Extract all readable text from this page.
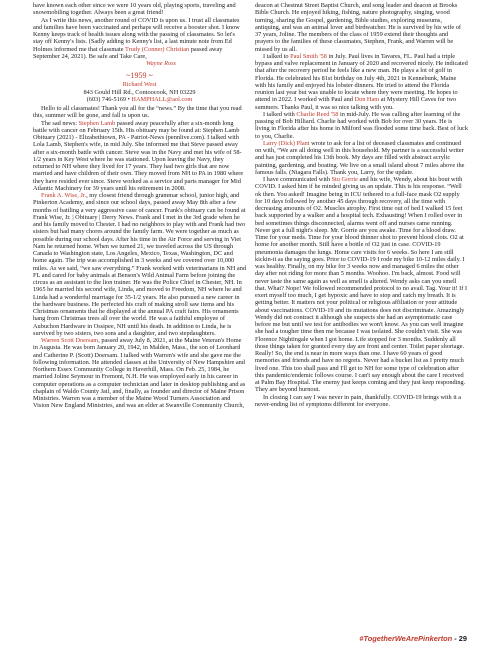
have known each other since we were 10 years old, playing sports, traveling and snowmobiling together. Always been a great friend!

As I write this news, another round of COVID is upon us. I trust all classmates and families have been vaccinated and perhaps will receive a booster shot. I know Kenny keeps track of health issues along with the passing of classmates. So let's stay off Kenny's lists. (Sadly adding to Kenny's list, a last minute note from Ed Holmes informed me that classmate Trudy (Conner) Christian passed away September 24, 2021). Be safe and Take Care,

Wayne Ross

~1959 ~
Richard West
843 Gould Hill Rd., Contoocook, NH 03229
(603) 746-5169 • HAMPHALL@aol.com

Hello to all classmates! Thank you all for the “news.” By the time that you read this, summer will be gone, and fall is upon us.

The sad news: Stephen Lamb passed away peacefully after a six-month long battle with cancer on February 15th. His obituary may be found at: Stephen Lamb Obituary (2021) - Elizabethtown, PA - Patriot-News (pennlive.com). I talked with Lola Lamb, Stephen's wife, in mid July. She informed me that Steve passed away after a six-month battle with cancer. Steve was in the Navy and met his wife of 58-1/2 years in Key West where he was stationed. Upon leaving the Navy, they returned to NH where they lived for 17 years. They had two girls that are now married and have children of their own. They moved from NH to PA in 1980 where they have resided ever since. Steve worked as a service and parts manager for Mid Atlantic Machinery for 39 years until his retirement in 2008.

Frank A. Wise, Jr., my closest friend through grammar school, junior high, and Pinkerton Academy, and since our school days, passed away May 8th after a few months of battling a very aggressive case of cancer. Frank's obituary can be found at Frank Wise, Jr. | Obituary | Derry News. Frank and I met in the 3rd grade when he and his family moved to Chester. I had no neighbors to play with and Frank had two sisters but had many chores around the family farm. We were together as much as possible during our school days. After his time in the Air Force and serving in Viet Nam he returned home. When we turned 21, we traveled across the US through Canada to Washington state, Los Angeles, Mexico, Texas, Washington, DC and home again. The trip was accomplished in 3 weeks and we covered over 10,000 miles. As we said, “we saw everything.” Frank worked with veterinarians in NH and FL and cared for baby animals at Benson's Wild Animal Farm before joining the circus as an assistant to the lion trainer. He was the Police Chief in Chester, NH. In 1965 he married his second wife, Linda, and moved to Freedom, NH where he and Linda had a wonderful marriage for 35-1/2 years. He also pursued a new career in the hardware business. He perfected his craft of making stroll saw items and his Christmas ornaments that he displayed at the annual PA craft fairs. His ornaments hang from Christmas trees all over the world. He was a faithful employee of Aubuchon Hardware in Ossipee, NH until his death. In addition to Linda, he is survived by two sisters, two sons and a daughter, and two stepdaughters.

Warren Scott Doersam, passed away July 8, 2021, at the Maine Veteran's Home in Augusta. He was born January 20, 1942, in Malden, Mass., the son of Leonhard and Catherine P. (Scott) Doersam. I talked with Warren's wife and she gave me the following information. He attended classes at the University of New Hampshire and Northern Essex Community College in Haverhill, Mass. On Feb. 25, 1984, he married Joline Seymour in Fremont, N.H. He was employed early in his career in computer operations as a computer technician and later in desktop publishing and as chaplain of Waldo County Jail, and, finally, as founder and director of Maine Prison Ministries. Warren was a member of the Maine Wood Turners Association and Vision New England Ministries, and was an elder at Swanville Community Church,

deacon at Chestnut Street Baptist Church, and song leader and deacon at Brooks Bible Church. He enjoyed hiking, fishing, nature photography, singing, wood turning, sharing the Gospel, gardening, Bible studies, exploring museums, antiquing, and was an animal lover and birdwatcher. He is survived by his wife of 37 years, Joline. The members of the class of 1959 extend their thoughts and prayers to the families of these classmates, Stephen, Frank, and Warren will be missed by us all.

I talked to Paul Smith '58 in July. Paul lives in Tavares, FL. Paul had a triple bypass and valve replacement in January of 2020 and recovered nicely. He indicated that after the recovery period he feels like a new man. He plays a lot of golf in Florida. He celebrated his 81st birthday on July 4th, 2021 in Kennebunk, Maine with his family and enjoyed his lobster dinners. He tried to attend the Florida reunion last year but was unable to locate where they were meeting. He hopes to attend in 2022. I worked with Paul and Don Ham at Mystery Hill Caves for two summers. Thanks Paul, it was so nice talking with you.

I talked with Charlie Reed '58 in mid-July. He was calling after learning of the passing of Bob Hilliard. Charlie had worked with Bob for over 30 years. He is living in Florida after his home in Milford was flooded some time back. Best of luck to you, Charlie.

Larry (Dick) Plant wrote to ask for a list of deceased classmates and continued on with, “We are all doing well in this household. My partner is a successful writer and has just completed his 13th book. My days are filled with abstract acrylic painting, gardening, and boating. We live on a small island about 7 miles above the famous falls. (Niagara Falls). Thank you, Larry, for the update.

I have communicated with Stu Gorrie and his wife, Wendy, about his bout with COVID. I asked him if he minded giving us an update. This is his response. “Well ok then. You asked! Imagine being in ICU tethered to a full-face mask O2 supply for 10 days followed by another 45 days through recovery, all the time with decreasing amounts of O2. Muscles atrophy. First time out of bed I walked 15 feet back supported by a walker and a hospital tech. Exhausting! When I rolled over in bed sometimes things disconnected, alarms went off and nurses came running. Never got a full night's sleep. Mr. Gorrie are you awake. Time for a blood draw. Time for your meds. Time for your blood thinner shot to prevent blood clots. O2 at home for another month. Still have a bottle of O2 just in case. COVID-19 pneumonia damages the lungs. Home care visits for 6 weeks. So here I am still kickin-it as the saying goes. Prior to COVID-19 I rode my bike 10-12 miles daily. I was healthy. Finally, on my bike for 3 weeks now and managed 6 miles the other day after not riding for more than 5 months. Woohoo. I'm back, almost. Food will never taste the same again as well as smell is altered. Wendy asks can you smell that. What? Nope! We followed recommended protocol to no avail. Tag. Your it! If I exert myself too much, I get hypoxic and have to stop and catch my breath. It is getting better. It matters not your political or religious affiliation or your attitude about vaccinations. COVID-19 and its mutations does not discriminate. Amazingly Wendy did not contract it although she suspects she had an asymptomatic case before me but until we test for antibodies we won't know. As you can well imagine she had a tougher time then me because I was isolated. She couldn't visit. She was Florence Nightingale when I got home. Life stopped for 3 months. Suddenly all those things taken for granted every day are front and center. Toilet paper shortage. Really! So, the end is near in more ways than one. I have 60 years of good memories and friends and have no regrets. Never had a bucket list as I pretty much lived one. This too shall pass and I'll get to NH for some type of celebration after this pandemic/endemic follows course. I can't say enough about the care I received at Palm Bay Hospital. The enemy just keeps coming and they just keep responding. They are beyond burnout.

In closing I can say I was never in pain, thankfully. COVID-19 brings with it a never-ending list of symptoms different for everyone.

#TogetherWeArePinkerton - 29
